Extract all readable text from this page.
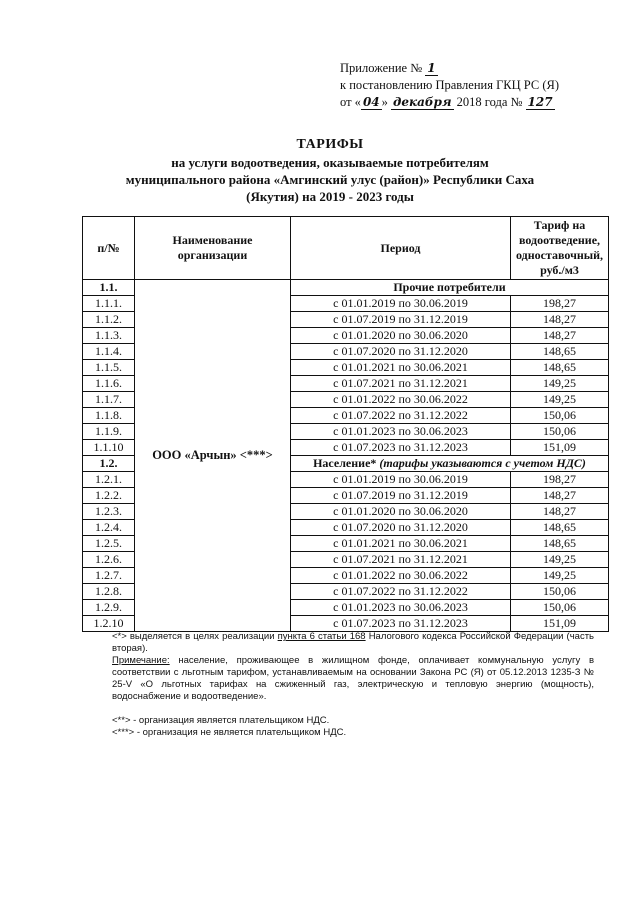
Приложение № 1
к постановлению Правления ГКЦ РС (Я)
от « 04 » декабря 2018 года № 127
ТАРИФЫ
на услуги водоотведения, оказываемые потребителям
муниципального района «Амгинский улус (район)» Республики Саха
(Якутия) на 2019 - 2023 годы
п/№	Наименование организации	Период	Тариф на водоотведение, одноставочный, руб./м3
1.1.	ООО «Арчын» <***>	Прочие потребители	
1.1.1.		с 01.01.2019 по 30.06.2019	198,27
1.1.2.		с 01.07.2019 по 31.12.2019	148,27
1.1.3.		с 01.01.2020 по 30.06.2020	148,27
1.1.4.		с 01.07.2020 по 31.12.2020	148,65
1.1.5.		с 01.01.2021 по 30.06.2021	148,65
1.1.6.		с 01.07.2021 по 31.12.2021	149,25
1.1.7.		с 01.01.2022 по 30.06.2022	149,25
1.1.8.		с 01.07.2022 по 31.12.2022	150,06
1.1.9.		с 01.01.2023 по 30.06.2023	150,06
1.1.10		с 01.07.2023 по 31.12.2023	151,09
1.2.		Население* (тарифы указываются с учетом НДС)	
1.2.1.		с 01.01.2019 по 30.06.2019	198,27
1.2.2.		с 01.07.2019 по 31.12.2019	148,27
1.2.3.		с 01.01.2020 по 30.06.2020	148,27
1.2.4.		с 01.07.2020 по 31.12.2020	148,65
1.2.5.		с 01.01.2021 по 30.06.2021	148,65
1.2.6.		с 01.07.2021 по 31.12.2021	149,25
1.2.7.		с 01.01.2022 по 30.06.2022	149,25
1.2.8.		с 01.07.2022 по 31.12.2022	150,06
1.2.9.		с 01.01.2023 по 30.06.2023	150,06
1.2.10		с 01.07.2023 по 31.12.2023	151,09

<*> выделяется в целях реализации пункта 6 статьи 168 Налогового кодекса Российской Федерации (часть вторая).

Примечание: население, проживающее в жилищном фонде, оплачивает коммунальную услугу в соответствии с льготным тарифом, устанавливаемым на основании Закона РС (Я) от 05.12.2013 1235-З № 25-V «О льготных тарифах на сжиженный газ, электрическую и тепловую энергию (мощность), водоснабжение и водоотведение».

<**> - организация является плательщиком НДС.

<***> - организация не является плательщиком НДС.
